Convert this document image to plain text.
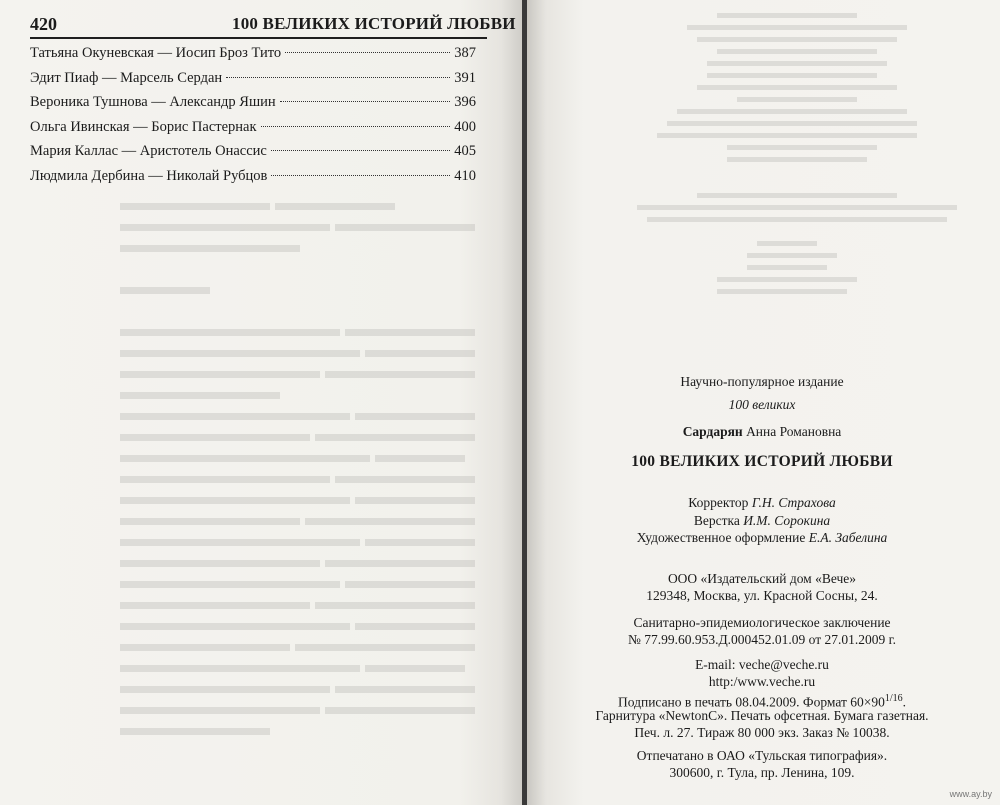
420	100 ВЕЛИКИХ ИСТОРИЙ ЛЮБВИ
Татьяна Окуневская — Иосип Броз Тито	387
Эдит Пиаф — Марсель Сердан	391
Вероника Тушнова — Александр Яшин	396
Ольга Ивинская — Борис Пастернак	400
Мария Каллас — Аристотель Онассис	405
Людмила Дербина — Николай Рубцов	410
Научно-популярное издание
100 великих
Сардарян Анна Романовна
100 ВЕЛИКИХ ИСТОРИЙ ЛЮБВИ
Корректор Г.Н. Страхова
Верстка И.М. Сорокина
Художественное оформление Е.А. Забелина
ООО «Издательский дом «Вече»
129348, Москва, ул. Красной Сосны, 24.
Санитарно-эпидемиологическое заключение
№ 77.99.60.953.Д.000452.01.09 от 27.01.2009 г.
E-mail: veche@veche.ru
http:/www.veche.ru
Подписано в печать 08.04.2009. Формат $60\times 90^{1/16}$.
Гарнитура «NewtonC». Печать офсетная. Бумага газетная.
Печ. л. 27. Тираж 80 000 экз. Заказ № 10038.
Отпечатано в ОАО «Тульская типография».
300600, г. Тула, пр. Ленина, 109.
www.ay.by
